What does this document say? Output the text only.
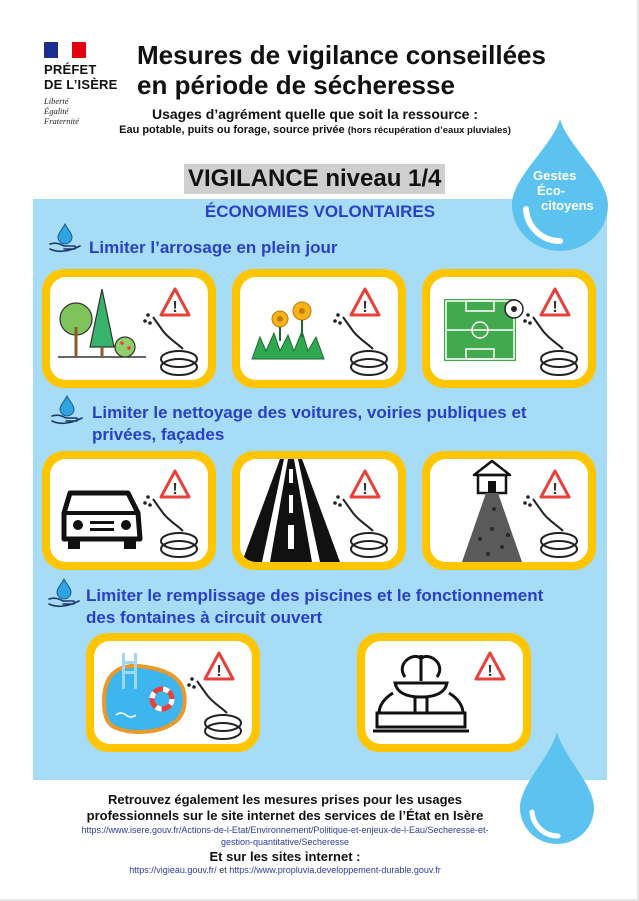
PRÉFET
DE L’ISÈRE
Liberté
Égalité
Fraternité
Mesures de vigilance conseillées
en période de sécheresse
Usages d’agrément quelle que soit la ressource :
Eau potable, puits ou forage, source privée (hors récupération d’eaux pluviales)
Gestes
Éco-
citoyens
VIGILANCE niveau 1/4
ÉCONOMIES VOLONTAIRES
Limiter l’arrosage en plein jour
Limiter le nettoyage des voitures, voiries publiques et
privées, façades
Limiter le remplissage des piscines et le fonctionnement
des fontaines à circuit ouvert
!	!	!
!	!	!
!	!
Retrouvez également les mesures prises pour les usages
professionnels sur le site internet des services de l’État en Isère
https://www.isere.gouv.fr/Actions-de-l-Etat/Environnement/Politique-et-enjeux-de-l-Eau/Secheresse-et-
gestion-quantitative/Secheresse
Et sur les sites internet :
https://vigieau.gouv.fr/ et https://www.propluvia.developpement-durable.gouv.fr
